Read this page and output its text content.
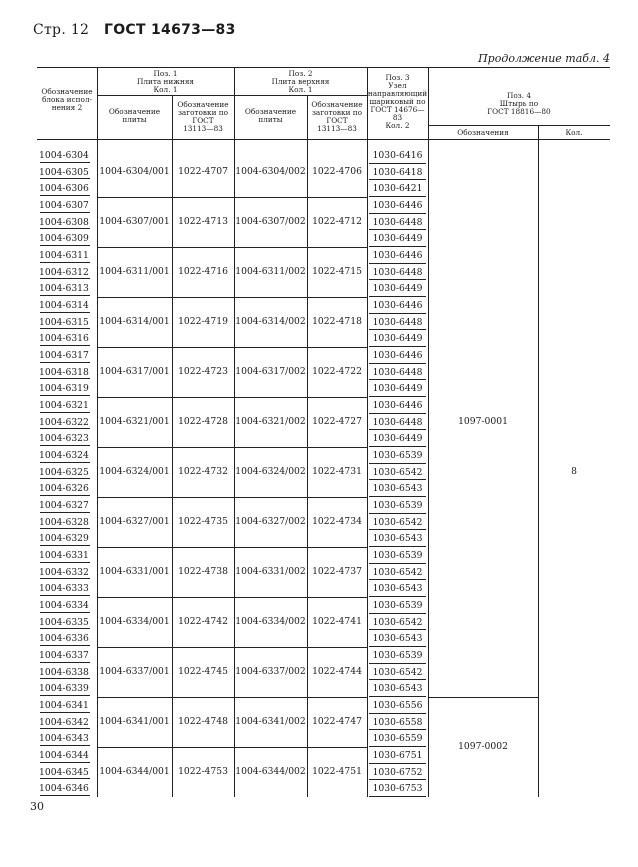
Стр. 12 ГОСТ 14673—83
Продолжение табл. 4
Обозначение
блока испол-
нения 2
Поз. 1
Плита нижняя
Кол. 1
Поз. 2
Плита верхняя
Кол. 1
Обозначение
плиты
Обозначение
заготовки по
ГОСТ
13113—83
Обозначение
плиты
Обозначение
заготовки по
ГОСТ
13113—83
Поз. 3
Узел
направляющий
шариковый по
ГОСТ 14676—83
Кол. 2
Поз. 4
Штырь по
ГОСТ 18816—80
Обозначения	Кол.
1004-6304
1004-6305
1004-6306
1004-6307
1004-6308
1004-6309
1004-6311
1004-6312
1004-6313
1004-6314
1004-6315
1004-6316
1004-6317
1004-6318
1004-6319
1004-6321
1004-6322
1004-6323
1004-6324
1004-6325
1004-6326
1004-6327
1004-6328
1004-6329
1004-6331
1004-6332
1004-6333
1004-6334
1004-6335
1004-6336
1004-6337
1004-6338
1004-6339
1004-6341
1004-6342
1004-6343
1004-6344
1004-6345
1004-6346
1004-6304/001 1022-4707 1004-6304/002 1022-4706
1004-6307/001 1022-4713 1004-6307/002 1022-4712
1004-6311/001 1022-4716 1004-6311/002 1022-4715
1004-6314/001 1022-4719 1004-6314/002 1022-4718
1004-6317/001 1022-4723 1004-6317/002 1022-4722
1004-6321/001 1022-4728 1004-6321/002 1022-4727
1004-6324/001 1022-4732 1004-6324/002 1022-4731
1004-6327/001 1022-4735 1004-6327/002 1022-4734
1004-6331/001 1022-4738 1004-6331/002 1022-4737
1004-6334/001 1022-4742 1004-6334/002 1022-4741
1004-6337/001 1022-4745 1004-6337/002 1022-4744
1004-6341/001 1022-4748 1004-6341/002 1022-4747
1004-6344/001 1022-4753 1004-6344/002 1022-4751
1030-6416
1030-6418
1030-6421
1030-6446
1030-6448
1030-6449
1030-6446
1030-6448
1030-6449
1030-6446
1030-6448
1030-6449
1030-6446
1030-6448
1030-6449
1030-6446
1030-6448
1030-6449
1030-6539
1030-6542
1030-6543
1030-6539
1030-6542
1030-6543
1030-6539
1030-6542
1030-6543
1030-6539
1030-6542
1030-6543
1030-6539
1030-6542
1030-6543
1030-6556
1030-6558
1030-6559
1030-6751
1030-6752
1030-6753
1097-0001
1097-0002
8
30
